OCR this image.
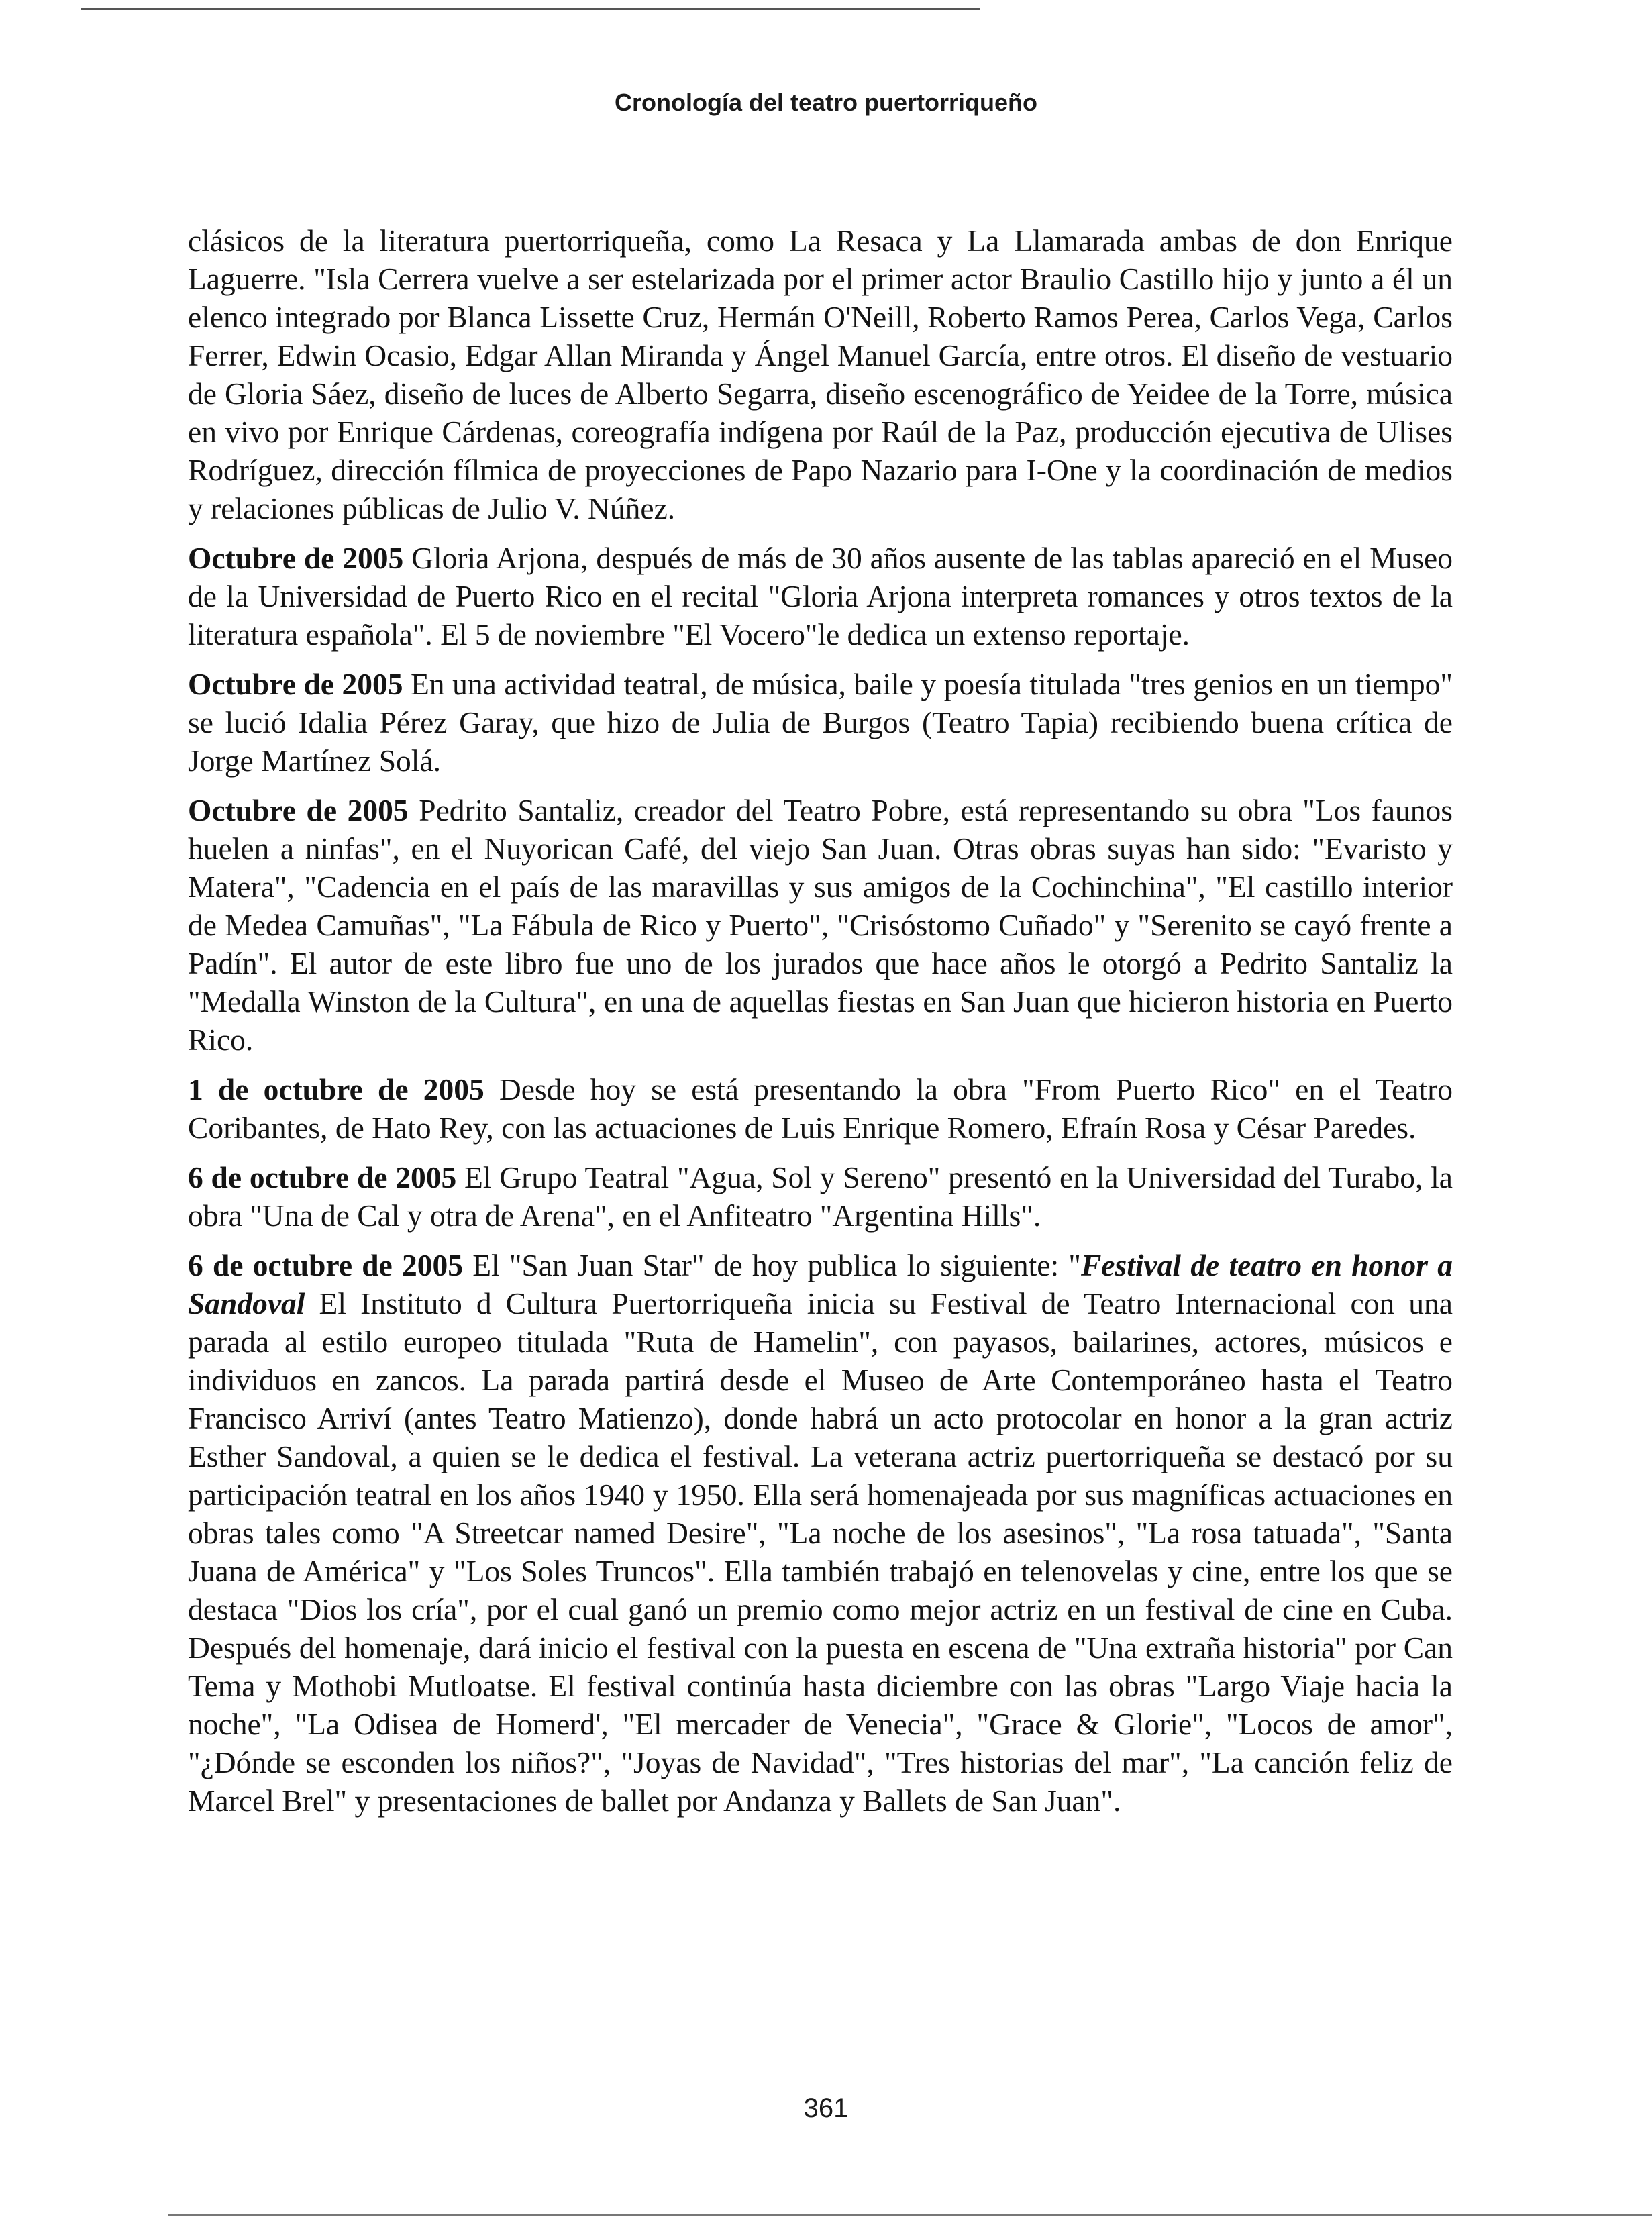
Cronología del teatro puertorriqueño

clásicos de la literatura puertorriqueña, como La Resaca y La Llamarada ambas de don Enrique Laguerre. "Isla Cerrera vuelve a ser estelarizada por el primer actor Braulio Castillo hijo y junto a él un elenco integrado por Blanca Lissette Cruz, Hermán O'Neill, Roberto Ramos Perea, Carlos Vega, Carlos Ferrer, Edwin Ocasio, Edgar Allan Miranda y Ángel Manuel García, entre otros. El diseño de vestuario de Gloria Sáez, diseño de luces de Alberto Segarra, diseño escenográfico de Yeidee de la Torre, música en vivo por Enrique Cárdenas, coreografía indígena por Raúl de la Paz, producción ejecutiva de Ulises Rodríguez, dirección fílmica de proyecciones de Papo Nazario para I-One y la coordinación de medios y relaciones públicas de Julio V. Núñez.

Octubre de 2005 Gloria Arjona, después de más de 30 años ausente de las tablas apareció en el Museo de la Universidad de Puerto Rico en el recital "Gloria Arjona interpreta romances y otros textos de la literatura española". El 5 de noviembre "El Vocero"le dedica un extenso reportaje.

Octubre de 2005 En una actividad teatral, de música, baile y poesía titulada "tres genios en un tiempo" se lució Idalia Pérez Garay, que hizo de Julia de Burgos (Teatro Tapia) recibiendo buena crítica de Jorge Martínez Solá.

Octubre de 2005 Pedrito Santaliz, creador del Teatro Pobre, está representando su obra "Los faunos huelen a ninfas", en el Nuyorican Café, del viejo San Juan. Otras obras suyas han sido: "Evaristo y Matera", "Cadencia en el país de las maravillas y sus amigos de la Cochinchina", "El castillo interior de Medea Camuñas", "La Fábula de Rico y Puerto", "Crisóstomo Cuñado" y "Serenito se cayó frente a Padín". El autor de este libro fue uno de los jurados que hace años le otorgó a Pedrito Santaliz la "Medalla Winston de la Cultura", en una de aquellas fiestas en San Juan que hicieron historia en Puerto Rico.

1 de octubre de 2005 Desde hoy se está presentando la obra "From Puerto Rico" en el Teatro Coribantes, de Hato Rey, con las actuaciones de Luis Enrique Romero, Efraín Rosa y César Paredes.

6 de octubre de 2005 El Grupo Teatral "Agua, Sol y Sereno" presentó en la Universidad del Turabo, la obra "Una de Cal y otra de Arena", en el Anfiteatro "Argentina Hills".

6 de octubre de 2005 El "San Juan Star" de hoy publica lo siguiente: "Festival de teatro en honor a Sandoval El Instituto d Cultura Puertorriqueña inicia su Festival de Teatro Internacional con una parada al estilo europeo titulada "Ruta de Hamelin", con payasos, bailarines, actores, músicos e individuos en zancos. La parada partirá desde el Museo de Arte Contemporáneo hasta el Teatro Francisco Arriví (antes Teatro Matienzo), donde habrá un acto protocolar en honor a la gran actriz Esther Sandoval, a quien se le dedica el festival. La veterana actriz puertorriqueña se destacó por su participación teatral en los años 1940 y 1950. Ella será homenajeada por sus magníficas actuaciones en obras tales como "A Streetcar named Desire", "La noche de los asesinos", "La rosa tatuada", "Santa Juana de América" y "Los Soles Truncos". Ella también trabajó en telenovelas y cine, entre los que se destaca "Dios los cría", por el cual ganó un premio como mejor actriz en un festival de cine en Cuba. Después del homenaje, dará inicio el festival con la puesta en escena de "Una extraña historia" por Can Tema y Mothobi Mutloatse. El festival continúa hasta diciembre con las obras "Largo Viaje hacia la noche", "La Odisea de Homerd', "El mercader de Venecia", "Grace & Glorie", "Locos de amor", "¿Dónde se esconden los niños?", "Joyas de Navidad", "Tres historias del mar", "La canción feliz de Marcel Brel" y presentaciones de ballet por Andanza y Ballets de San Juan".

361
